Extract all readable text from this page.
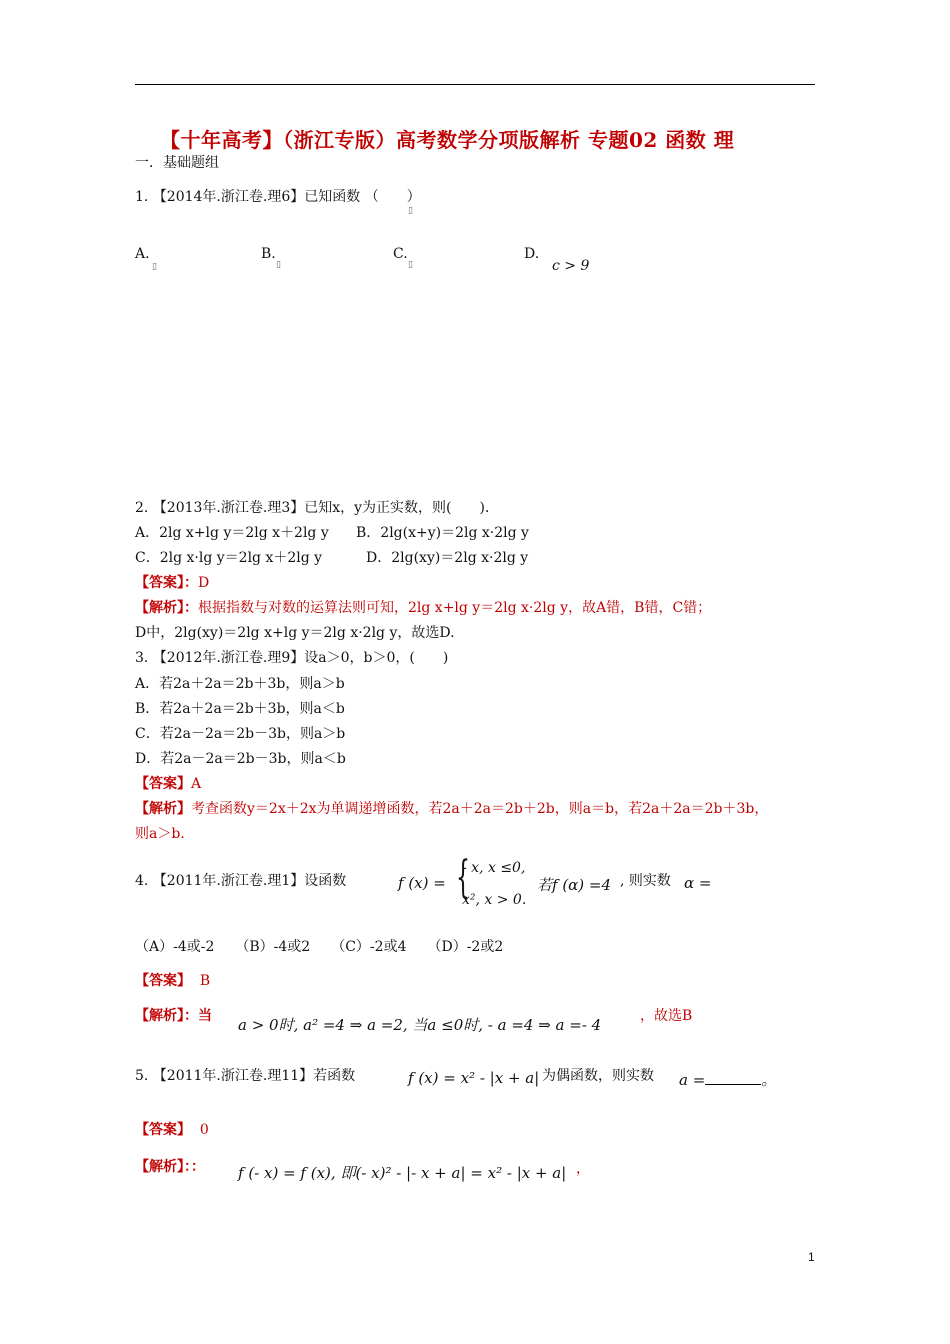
【十年高考】（浙江专版）高考数学分项版解析 专题02 函数 理
一．基础题组
1. 【2014年.浙江卷.理6】已知函数 （　　）
▯
A.
▯
B.
▯
C.
▯
D.
c > 9
2. 【2013年.浙江卷.理3】已知x，y为正实数，则(　　)．
A．2lg x+lg y＝2lg x＋2lg y B．2lg(x+y)＝2lg x·2lg y
C．2lg x·lg y＝2lg x＋2lg y	D．2lg(xy)＝2lg x·2lg y
【答案】：D
【解析】：根据指数与对数的运算法则可知，2lg x+lg y＝2lg x·2lg y，故A错，B错，C错；
D中，2lg(xy)＝2lg x+lg y＝2lg x·2lg y，故选D.
3. 【2012年.浙江卷.理9】设a＞0，b＞0，(　　)
A．若2a＋2a＝2b＋3b，则a＞b
B．若2a＋2a＝2b＋3b，则a＜b
C．若2a－2a＝2b－3b，则a＞b
D．若2a－2a＝2b－3b，则a＜b
【答案】A
【解析】考查函数y＝2x＋2x为单调递增函数，若2a＋2a＝2b＋2b，则a＝b，若2a＋2a＝2b＋3b，
则a＞b.
4. 【2011年.浙江卷.理1】设函数	f (x) = {
- x, x ≤0,
x², x > 0.
若f (α) =4 , 则实数 α =
（A）-4或-2　　（B）-4或2　　（C）-2或4　　（D）-2或2
【答案】 B
【解析】：当 a > 0时, a² =4 ⇒ a =2, 当a ≤0时, - a =4 ⇒ a =- 4	，故选B
5. 【2011年.浙江卷.理11】若函数	f (x) = x² - |x + a| 为偶函数，则实数 a =	。
【答案】 0
【解析】：： f (- x) = f (x), 即(- x)² - |- x + a| = x² - |x + a| ，
1
